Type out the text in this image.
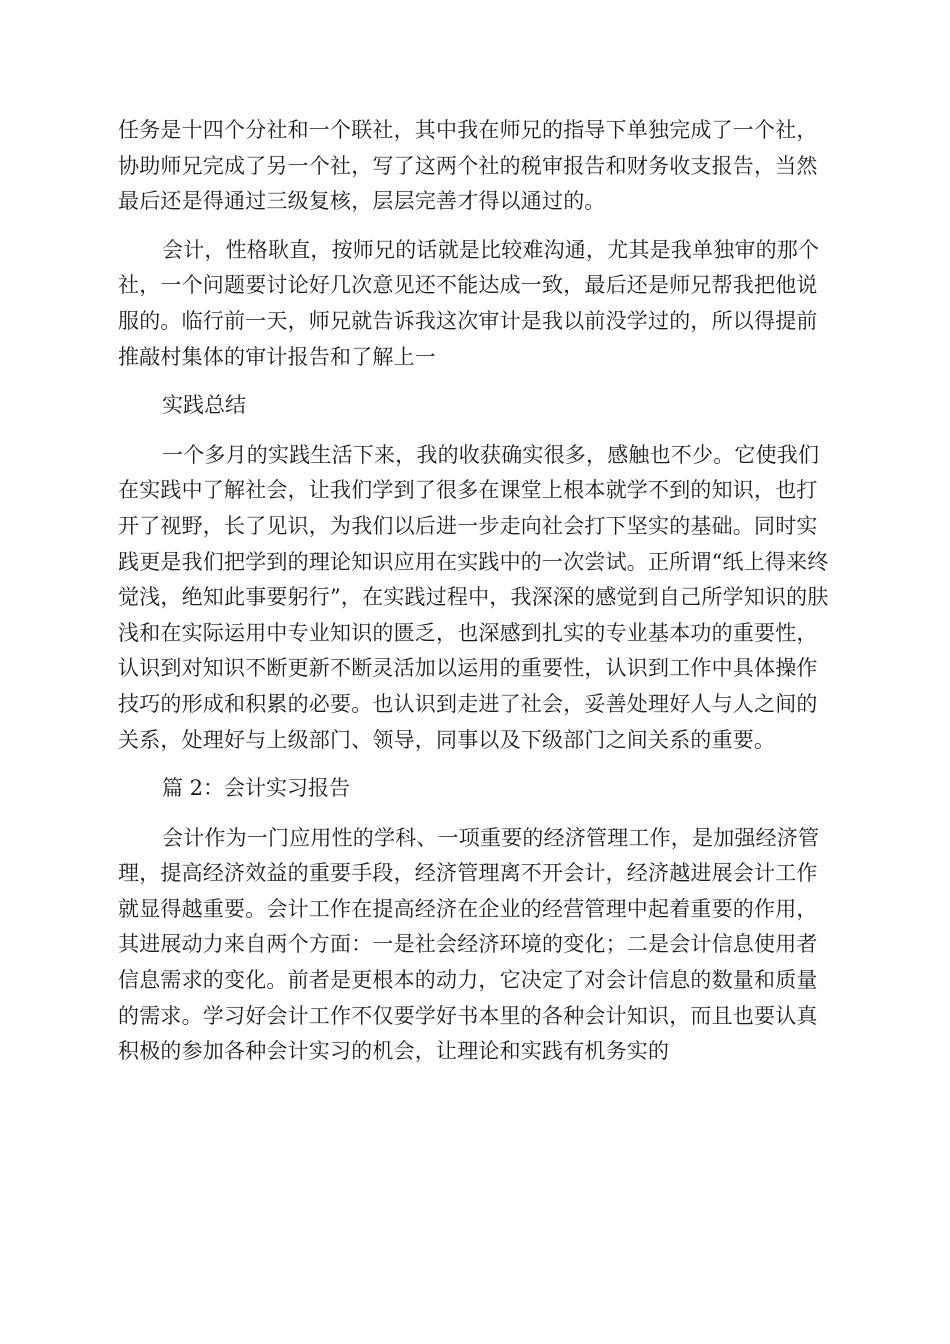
任务是十四个分社和一个联社，其中我在师兄的指导下单独完成了一个社，协助师兄完成了另一个社，写了这两个社的税审报告和财务收支报告，当然最后还是得通过三级复核，层层完善才得以通过的。

会计，性格耿直，按师兄的话就是比较难沟通，尤其是我单独审的那个社，一个问题要讨论好几次意见还不能达成一致，最后还是师兄帮我把他说服的。临行前一天，师兄就告诉我这次审计是我以前没学过的，所以得提前推敲村集体的审计报告和了解上一

实践总结

一个多月的实践生活下来，我的收获确实很多，感触也不少。它使我们在实践中了解社会，让我们学到了很多在课堂上根本就学不到的知识，也打开了视野，长了见识，为我们以后进一步走向社会打下坚实的基础。同时实践更是我们把学到的理论知识应用在实践中的一次尝试。正所谓“纸上得来终觉浅，绝知此事要躬行”，在实践过程中，我深深的感觉到自己所学知识的肤浅和在实际运用中专业知识的匮乏，也深感到扎实的专业基本功的重要性，认识到对知识不断更新不断灵活加以运用的重要性，认识到工作中具体操作技巧的形成和积累的必要。也认识到走进了社会，妥善处理好人与人之间的关系，处理好与上级部门、领导，同事以及下级部门之间关系的重要。

篇 2：会计实习报告

会计作为一门应用性的学科、一项重要的经济管理工作，是加强经济管理，提高经济效益的重要手段，经济管理离不开会计，经济越进展会计工作就显得越重要。会计工作在提高经济在企业的经营管理中起着重要的作用，其进展动力来自两个方面：一是社会经济环境的变化；二是会计信息使用者信息需求的变化。前者是更根本的动力，它决定了对会计信息的数量和质量的需求。学习好会计工作不仅要学好书本里的各种会计知识，而且也要认真积极的参加各种会计实习的机会，让理论和实践有机务实的
